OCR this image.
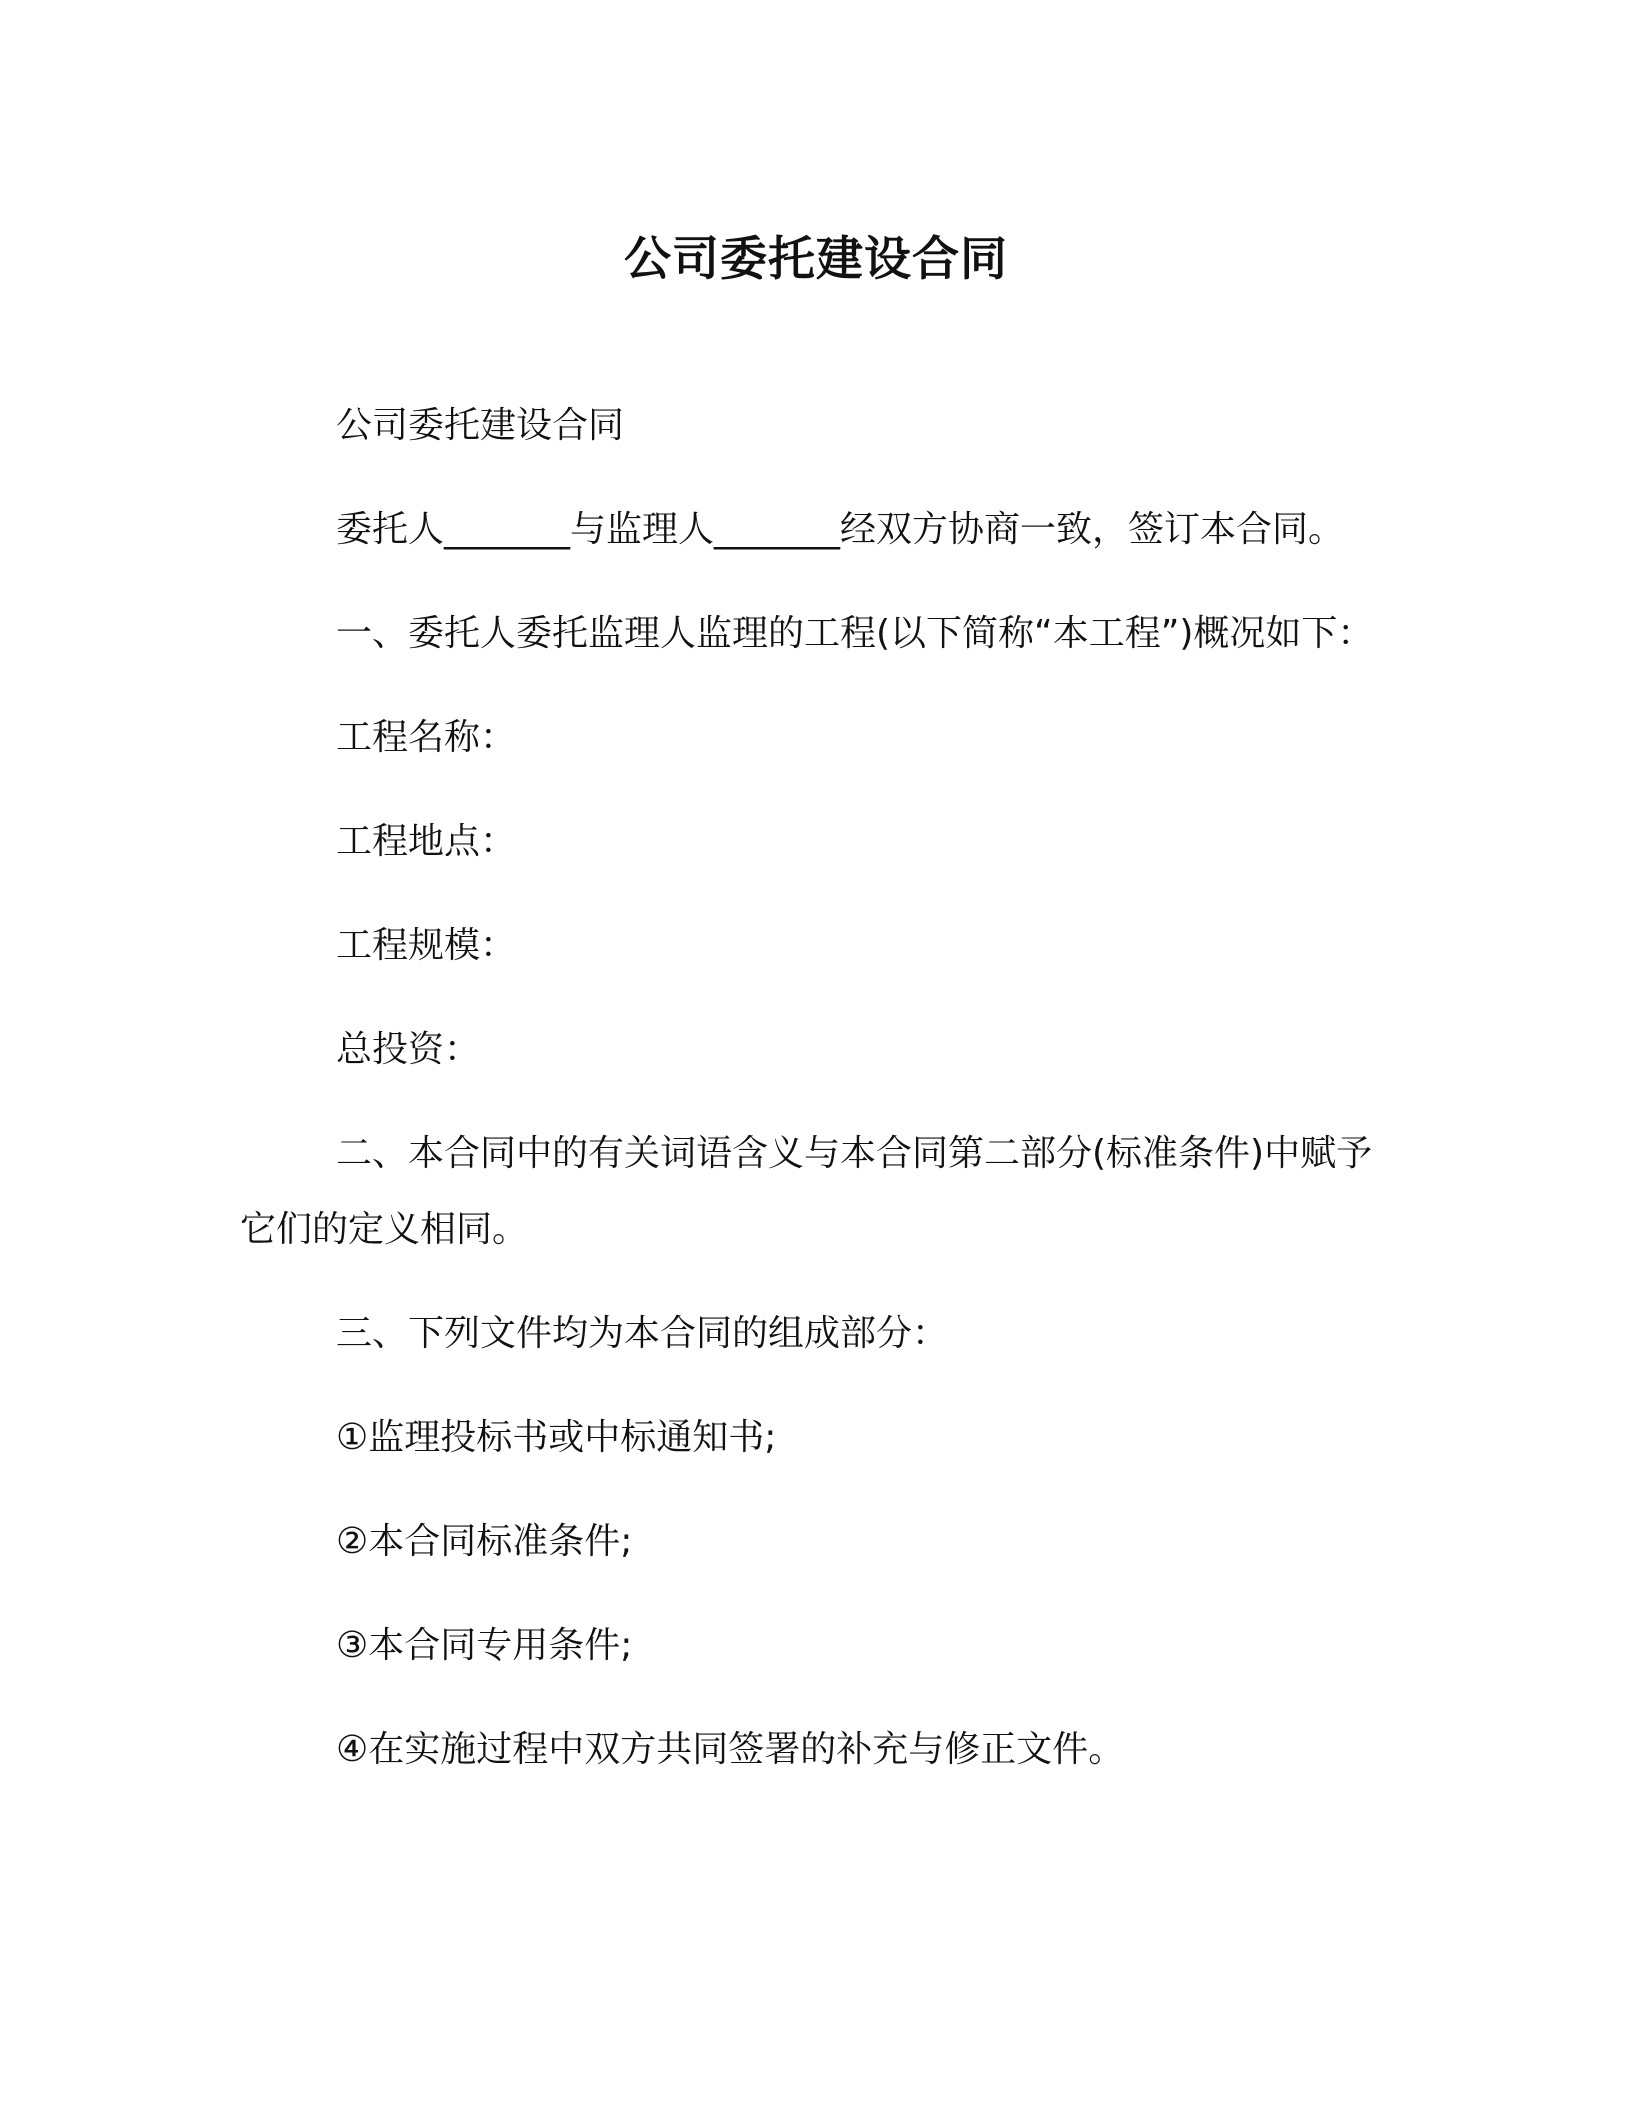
公司委托建设合同

公司委托建设合同

委托人_______与监理人_______经双方协商一致，签订本合同。

一、委托人委托监理人监理的工程(以下简称“本工程”)概况如下：

工程名称：

工程地点：

工程规模：

总投资：

二、本合同中的有关词语含义与本合同第二部分(标准条件)中赋予它们的定义相同。

三、下列文件均为本合同的组成部分：

①监理投标书或中标通知书;

②本合同标准条件;

③本合同专用条件;

④在实施过程中双方共同签署的补充与修正文件。
